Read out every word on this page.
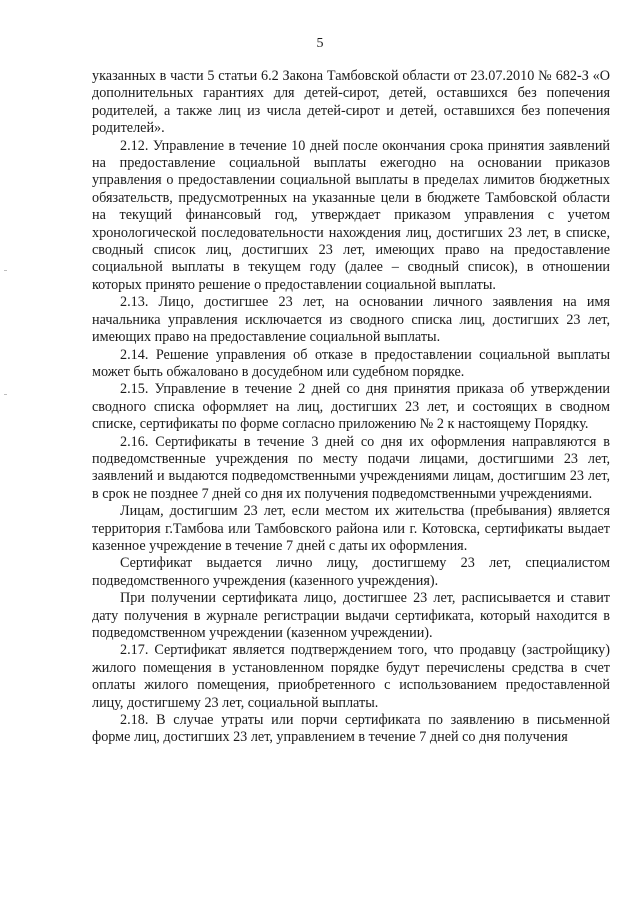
5

указанных в части 5 статьи 6.2 Закона Тамбовской области от 23.07.2010 № 682-З «О дополнительных гарантиях для детей-сирот, детей, оставшихся без попечения родителей, а также лиц из числа детей-сирот и детей, оставшихся без попечения родителей».

2.12. Управление в течение 10 дней после окончания срока принятия заявлений на предоставление социальной выплаты ежегодно на основании приказов управления о предоставлении социальной выплаты в пределах лимитов бюджетных обязательств, предусмотренных на указанные цели в бюджете Тамбовской области на текущий финансовый год, утверждает приказом управления с учетом хронологической последовательности нахождения лиц, достигших 23 лет, в списке, сводный список лиц, достигших 23 лет, имеющих право на предоставление социальной выплаты в текущем году (далее – сводный список), в отношении которых принято решение о предоставлении социальной выплаты.

2.13. Лицо, достигшее 23 лет, на основании личного заявления на имя начальника управления исключается из сводного списка лиц, достигших 23 лет, имеющих право на предоставление социальной выплаты.

2.14. Решение управления об отказе в предоставлении социальной выплаты может быть обжаловано в досудебном или судебном порядке.

2.15. Управление в течение 2 дней со дня принятия приказа об утверждении сводного списка оформляет на лиц, достигших 23 лет, и состоящих в сводном списке, сертификаты по форме согласно приложению № 2 к настоящему Порядку.

2.16. Сертификаты в течение 3 дней со дня их оформления направляются в подведомственные учреждения по месту подачи лицами, достигшими 23 лет, заявлений и выдаются подведомственными учреждениями лицам, достигшим 23 лет, в срок не позднее 7 дней со дня их получения подведомственными учреждениями.

Лицам, достигшим 23 лет, если местом их жительства (пребывания) является территория г.Тамбова или Тамбовского района или г. Котовска, сертификаты выдает казенное учреждение в течение 7 дней с даты их оформления.

Сертификат выдается лично лицу, достигшему 23 лет, специалистом подведомственного учреждения (казенного учреждения).

При получении сертификата лицо, достигшее 23 лет, расписывается и ставит дату получения в журнале регистрации выдачи сертификата, который находится в подведомственном учреждении (казенном учреждении).

2.17. Сертификат является подтверждением того, что продавцу (застройщику) жилого помещения в установленном порядке будут перечислены средства в счет оплаты жилого помещения, приобретенного с использованием предоставленной лицу, достигшему 23 лет, социальной выплаты.

2.18. В случае утраты или порчи сертификата по заявлению в письменной форме лиц, достигших 23 лет, управлением в течение 7 дней со дня получения
